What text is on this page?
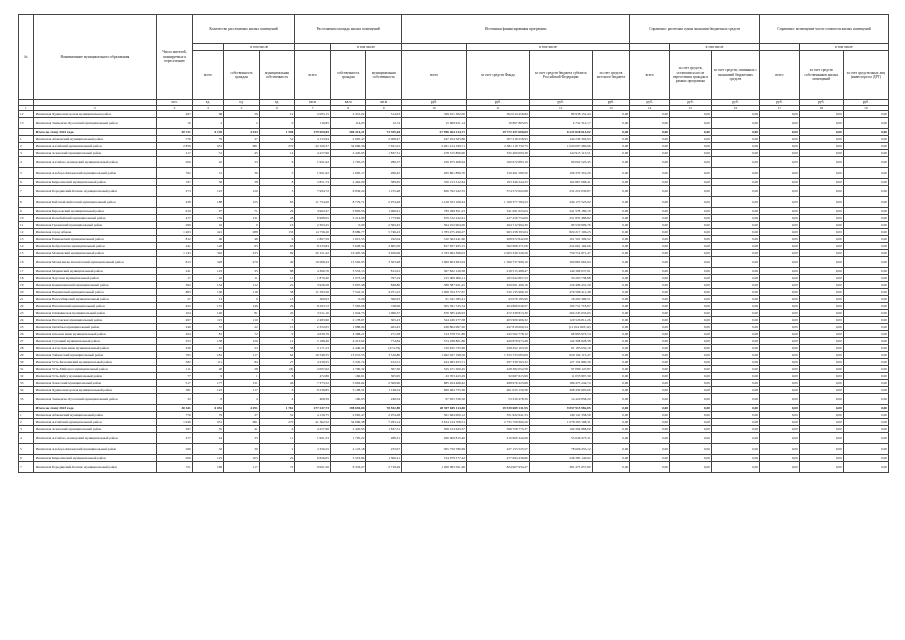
№	Наименование муниципального образования	Число жителей, планируемых к переселению	Количество расселяемых жилых помещений			Расселяемая площадь жилых помещений			Источники финансирования программы				Справочно: расчетная сумма экономии бюджетных средств			Справочно: возмещение части стоимости жилых помещений		
				в том числе			в том числе			в том числе				в том числе			в том числе	
			всего	собственность граждан	муниципальная собственность	всего	собственность граждан	муниципальная собственность	всего	за счет средств Фонда	за счет средств бюджета субъекта Российской Федерации	за счет средств местного бюджета	всего	за счет средств, оставшихся после переселения граждан в рамках программы	за счет средств, связанных с экономией бюджетных средств	всего	за счет средств собственников жилых помещений	за счет средств иных лиц (инвестора по ДРТ)
		чел.	ед.	ед.	ед.	кв.м	кв.м	кв.м	руб.	руб.	руб.	руб.	руб.	руб.	руб.	руб.	руб.	руб.
1	2	3	4	5	6	7	8	9	10	11	12	13	14	15	16	17	18	19
12	Инсинская Чудинсекаторская муниципальная район	467	68	56	12	2 065,15	2 451,02	514,03	309 911 362,00	302 014 456,84	89 938 152,44	0,00	0,00	0,00	0,00	0,00	0,00	0,00
13	Инсинская Знаменско-Бусонский муниципальный район	10	2	2	0	116,85	114,05	12,74	15 669 931,14	10 897 865,05	4 752 312,17	0,00	0,00	0,00	0,00	0,00	0,00	0,00
	Итого по этапу 2022 года	40 721	6 139	4 543	1 596	279 569,85	206 214,21	73 355,64	27 996 364 214,71	19 772 457 600,69	8 223 828 614,02	0,00	0,00	0,00	0,00	0,00	0,00	0,00
1	Инсинская Абаканский муниципальный район	776	79	27	52	4 133,94	2 065,47	2 068,47	447 454 563,86	307 218 258,93	140 236 304,93	0,00	0,00	0,00	0,00	0,00	0,00	0,00
2	Инсинская Алтайский муниципальный район	2 856	951	681	270	42 320,37	34 669,36	7 651,01	3 401 214 199,71	2 381 116 732,75	1 020 097 466,96	0,00	0,00	0,00	0,00	0,00	0,00	0,00
3	Инсинская Аскизский муниципальный район	217	31	45	14	4 257,96	2 420,65	1 837,31	478 315 806,90	335 400 693,39	142 915 113,51	0,00	0,00	0,00	0,00	0,00	0,00	0,00
4	Инсинская Алтайско-Алеверский муниципальный район	206	42	33	9	1 991,62	1 705,25	286,37	250 675 408,64	160 672 883,19	90 002 525,45	0,00	0,00	0,00	0,00	0,00	0,00	0,00
5	Инсинская Альбора-Канаевский муниципальный район	762	31	36	5	1 991,62	1 695,17	296,45	265 861 899,70	159 491 580,50	106 370 319,20	0,00	0,00	0,00	0,00	0,00	0,00	0,00
6	Инсинская Бирюсинский муниципальный район	197	36	38	8	2 851,74	2 462,09	389,65	356 213 312,64	193 346 244,23	162 867 068,41	0,00	0,00	0,00	0,00	0,00	0,00	0,00
7	Инсинская Бородинский-Балашо муниципальный район	273	123	120	3	7 994,72	6 839,24	1 155,48	826 792 242,55	574 572 602,68	252 219 639,87	0,00	0,00	0,00	0,00	0,00	0,00	0,00
8	Инсинская Бейтской-Кайатский муниципальный район	438	188	125	63	11 754,20	8 779,71	2 974,49	1 418 553 108,44	1 169 377 584,52	249 175 523,92	0,00	0,00	0,00	0,00	0,00	0,00	0,00
9	Инсинская Березовский муниципальный район	619	97	71	26	4 962,47	3 895,56	1 066,91	783 269 811,23	541 691 625,04	241 578 186,19	0,00	0,00	0,00	0,00	0,00	0,00	0,00
10	Инсинская Колыбайский муниципальный район	477	159	131	28	6 988,95	5 214,99	1 773,96	679 312 242,91	427 456 754,09	251 855 488,82	0,00	0,00	0,00	0,00	0,00	0,00	0,00
11	Инсинская Грачевский муниципальный район	290	16	0	16	2 363,25	0,00	2 363,25	394 252 904,06	294 712 994,30	99 539 909,76	0,00	0,00	0,00	0,00	0,00	0,00	0,00
12	Инсинская город Абакан	1 263	421	288	133	14 736,20	8 989,77	5 746,43	1 783 475 499,27	963 258 393,04	820 217 106,23	0,00	0,00	0,00	0,00	0,00	0,00	0,00
13	Инсинская Ёжиковский муниципальный район	812	46	48	6	1 807,59	1 615,55	192,04	310 564 241,60	208 972 842,08	101 591 399,52	0,00	0,00	0,00	0,00	0,00	0,00	0,00
14	Инсинская Кобдоплогиа муниципальный район	241	126	63	63	8 233,84	3 628,34	4 605,50	817 657 465,15	562 996 271,09	254 661 194,06	0,00	0,00	0,00	0,00	0,00	0,00	0,00
15	Инсинская Малиевский муниципальный район	1 143	302	233	69	20 151,42	16 495,36	3 656,06	2 763 064 398,03	2 003 349 526,56	759 714 871,47	0,00	0,00	0,00	0,00	0,00	0,00	0,00
16	Инсинская Мотыгинско-Капсиатский муниципальный район	813	328	279	49	19 096,43	15 592,95	3 503,48	1 909 603 663,04	1 399 737 999,10	509 865 663,94	0,00	0,00	0,00	0,00	0,00	0,00	0,00
17	Инсинская Маримский муниципальный район	241	123	35	88	4 366,76	3 553,15	813,61	367 822 126,38	218 515 488,47	149 306 637,91	0,00	0,00	0,00	0,00	0,00	0,00	0,00
18	Инсинская Чаусская муниципальный район	17	22	11	11	1 870,40	1 073,16	797,24	215 906 606,11	165 642 867,23	50 263 738,88	0,00	0,00	0,00	0,00	0,00	0,00	0,00
19	Инсинская Камышлянский муниципальный район	392	134	112	22	3 926,28	3 097,48	828,80	588 587 921,45	459 091 490,16	129 496 431,29	0,00	0,00	0,00	0,00	0,00	0,00	0,00
20	Инсинская Нерчинский муниципальный район	883	156	118	38	11 593,56	7 522,31	4 071,25	1 008 704 377,67	532 135 966,19	476 568 411,48	0,00	0,00	0,00	0,00	0,00	0,00	0,00
21	Инсинская Новосибирский муниципальный район	27	13	0	13	360,93	0,00	360,93	61 341 585,41	43 079 185,90	18 262 399,51	0,00	0,00	0,00	0,00	0,00	0,00	0,00
22	Инсинская Нагатинский муниципальный район	452	172	146	26	8 293,72	7 565,66	728,06	505 591 745,54	404 860 026,57	100 731 718,97	0,00	0,00	0,00	0,00	0,00	0,00	0,00
23	Инсинская Олёкминская муниципальный район	104	126	81	45	3 011,10	1 944,73	1 066,37	676 585 446,93	472 339 813,30	204 245 633,63	0,00	0,00	0,00	0,00	0,00	0,00	0,00
24	Инсинская Пестовская муниципальный район	497	115	110	5	2 483,90	2 178,67	305,23	524 436 277,58	403 909 466,32	120 526 811,26	0,00	0,00	0,00	0,00	0,00	0,00	0,00
25	Инсинская Октяблья муниципальный район	249	37	22	15	2 352,05	1 888,60	463,45	436 804 997,20	447 819 600,54	(11 014 603,34)	0,00	0,00	0,00	0,00	0,00	0,00	0,00
26	Инсинская Ольская мина муниципальный район	204	81	72	9	4 639,79	4 368,21	271,58	314 578 751,86	245 592 778,12	68 985 973,74	0,00	0,00	0,00	0,00	0,00	0,00	0,00
27	Инсинская Сутецкий муниципальный район	353	138	126	12	5 188,46	4 413,62	774,84	574 188 801,86	429 879 973,48	144 308 828,38	0,00	0,00	0,00	0,00	0,00	0,00	0,00
28	Инсинская Алтасская мина муниципальный район	256	91	53	38	2 171,53	2 446,32	(274,79)	319 635 735,69	228 452 103,50	91 183 632,19	0,00	0,00	0,00	0,00	0,00	0,00	0,00
29	Инсинская Тайжатский муниципальный район	765	181	117	64	16 548,35	13 031,55	3 516,80	1 962 927 198,56	1 333 733 083,09	629 194 115,47	0,00	0,00	0,00	0,00	0,00	0,00	0,00
30	Инсинская Усть-Балезинский муниципальный район	582	111	84	27	4 258,25	3 345,74	912,51	424 483 453,71	297 330 563,32	127 152 890,39	0,00	0,00	0,00	0,00	0,00	0,00	0,00
31	Инсинская Усть-Майсерса муниципальный район	111	20	28	(8)	2 097,62	1 790,32	307,30	325 471 200,45	228 382 052,58	97 089 147,87	0,00	0,00	0,00	0,00	0,00	0,00	0,00
32	Инсинская Усть-Куйгу муниципальный район	77	9	1	8	472,86	166,91	305,95	43 703 423,29	32 667 615,99	11 035 807,30	0,00	0,00	0,00	0,00	0,00	0,00	0,00
33	Инсинская Хакасский муниципальный район	517	177	131	46	7 373,52	5 063,62	2 309,90	685 454 468,42	498 979 223,68	186 475 244,74	0,00	0,00	0,00	0,00	0,00	0,00	0,00
34	Инсинская Чудинсекаторская муниципальный район	381	123	117	6	6 236,85	5 108,31	1 128,54	669 484 755,36	461 025 150,36	208 459 605,00	0,00	0,00	0,00	0,00	0,00	0,00	0,00
35	Инсинская Знаменско-Бусонский муниципальный район	32	8	4	4	408,39	160,05	248,34	67 655 336,50	53 230 478,30	14 424 858,20	0,00	0,00	0,00	0,00	0,00	0,00	0,00
	Итого по этапу 2023 года	40 611	6 052	4 291	1 761	277 247,73	198 694,84	78 552,89	28 597 605 114,00	19 539 689 131,95	9 057 915 982,05	0,00	0,00	0,00	0,00	0,00	0,00	0,00
1	Инсинская Абаканский муниципальный район	776	79	27	52	4 139,75	2 065,47	2 074,28	501 064 000,12	351 922 641,53	149 141 358,59	0,00	0,00	0,00	0,00	0,00	0,00	0,00
2	Инсинская Алтайский муниципальный район	1 946	951	681	270	41 362,52	34 069,38	7 293,14	3 814 124 708,51	2 735 729 600,20	1 078 395 108,31	0,00	0,00	0,00	0,00	0,00	0,00	0,00
3	Инсинская Аскизский муниципальный район	297	35	41	6	4 257,96	2 420,65	1 837,31	508 123 643,37	398 728 775,37	109 394 868,00	0,00	0,00	0,00	0,00	0,00	0,00	0,00
4	Инсинская Алтайско-Алеверский муниципальный район	277	44	33	11	1 991,53	1 705,22	286,31	266 609 815,40	210 960 342,09	55 649 473,31	0,00	0,00	0,00	0,00	0,00	0,00	0,00
5	Инсинская Альбора-Канаевский муниципальный район	266	32	30	2	2 356,25	2 123,18	233,07	305 759 780,69	227 153 525,57	78 606 255,12	0,00	0,00	0,00	0,00	0,00	0,00	0,00
6	Инсинская Бирюсинский муниципальный район	206	125	103	22	6 826,05	5 519,84	1 306,21	724 079 577,42	477 694 436,80	246 385 140,62	0,00	0,00	0,00	0,00	0,00	0,00	0,00
7	Инсинская Бородинский-Балашо муниципальный район	721	189	117	72	9 061,56	6 343,07	2 718,49	1 206 083 591,96	824 607 934,27	381 475 657,69	0,00	0,00	0,00	0,00	0,00	0,00	0,00
